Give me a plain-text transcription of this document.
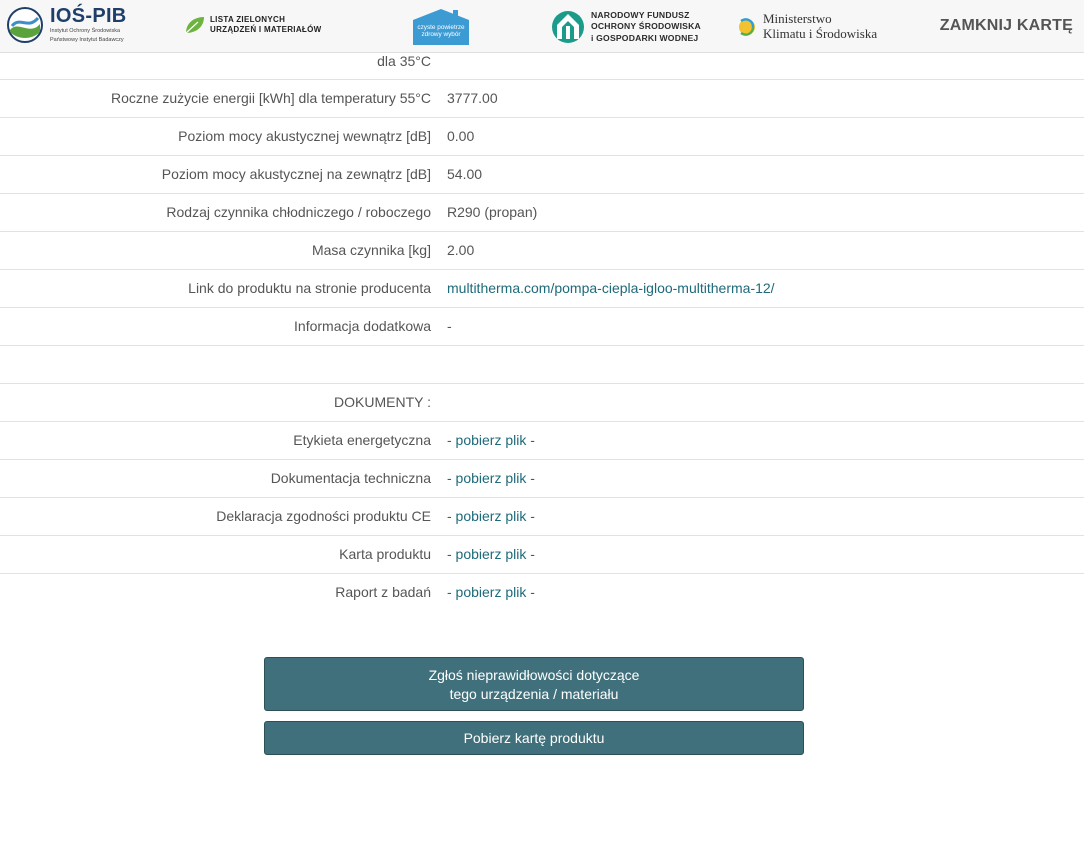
dla 35°C
Roczne zużycie energii [kWh] dla temperatury 55°C 3777.00
Poziom mocy akustycznej wewnątrz [dB] 0.00
Poziom mocy akustycznej na zewnątrz [dB] 54.00
Rodzaj czynnika chłodniczego / roboczego R290 (propan)
Masa czynnika [kg] 2.00
Link do produktu na stronie producenta multitherma.com/pompa-ciepla-igloo-multitherma-12/
Informacja dodatkowa -
DOKUMENTY :
Etykieta energetyczna - pobierz plik -
Dokumentacja techniczna - pobierz plik -
Deklaracja zgodności produktu CE - pobierz plik -
Karta produktu - pobierz plik -
Raport z badań - pobierz plik -
IOŚ-PIB
Instytut Ochrony Środowiska
Państwowy Instytut Badawczy
LISTA ZIELONYCH
URZĄDZEŃ I MATERIAŁÓW	czyste powietrze
zdrowy wybór
NARODOWY FUNDUSZ
OCHRONY ŚRODOWISKA
i GOSPODARKI WODNEJ
Ministerstwo
Klimatu i Środowiska	ZAMKNIJ KARTĘ
Zgłoś nieprawidłowości dotyczące
tego urządzenia / materiału
Pobierz kartę produktu
